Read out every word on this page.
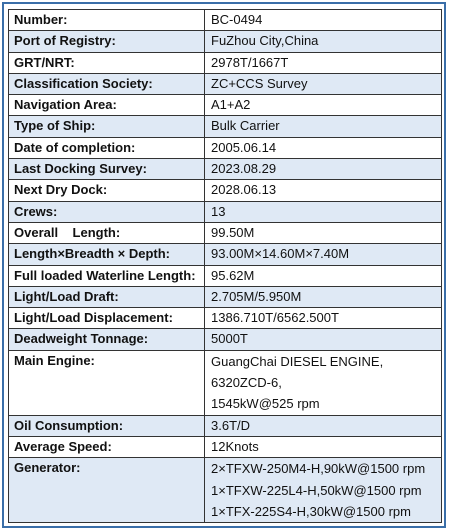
Number:	BC-0494
Port of Registry:	FuZhou City,China
GRT/NRT:	2978T/1667T
Classification Society:	ZC+CCS Survey
Navigation Area:	A1+A2
Type of Ship:	Bulk Carrier
Date of completion:	2005.06.14
Last Docking Survey:	2023.08.29
Next Dry Dock:	2028.06.13
Crews:	13
Overall    Length:	99.50M
Length×Breadth × Depth:	93.00M×14.60M×7.40M
Full loaded Waterline Length:	95.62M
Light/Load Draft:	2.705M/5.950M
Light/Load Displacement:	1386.710T/6562.500T
Deadweight Tonnage:	5000T
Main Engine:	GuangChai DIESEL ENGINE,
6320ZCD-6,
1545kW@525 rpm

Oil Consumption:	3.6T/D
Average Speed:	12Knots
Generator:	2×TFXW-250M4-H,90kW@1500 rpm
1×TFXW-225L4-H,50kW@1500 rpm
1×TFX-225S4-H,30kW@1500 rpm
